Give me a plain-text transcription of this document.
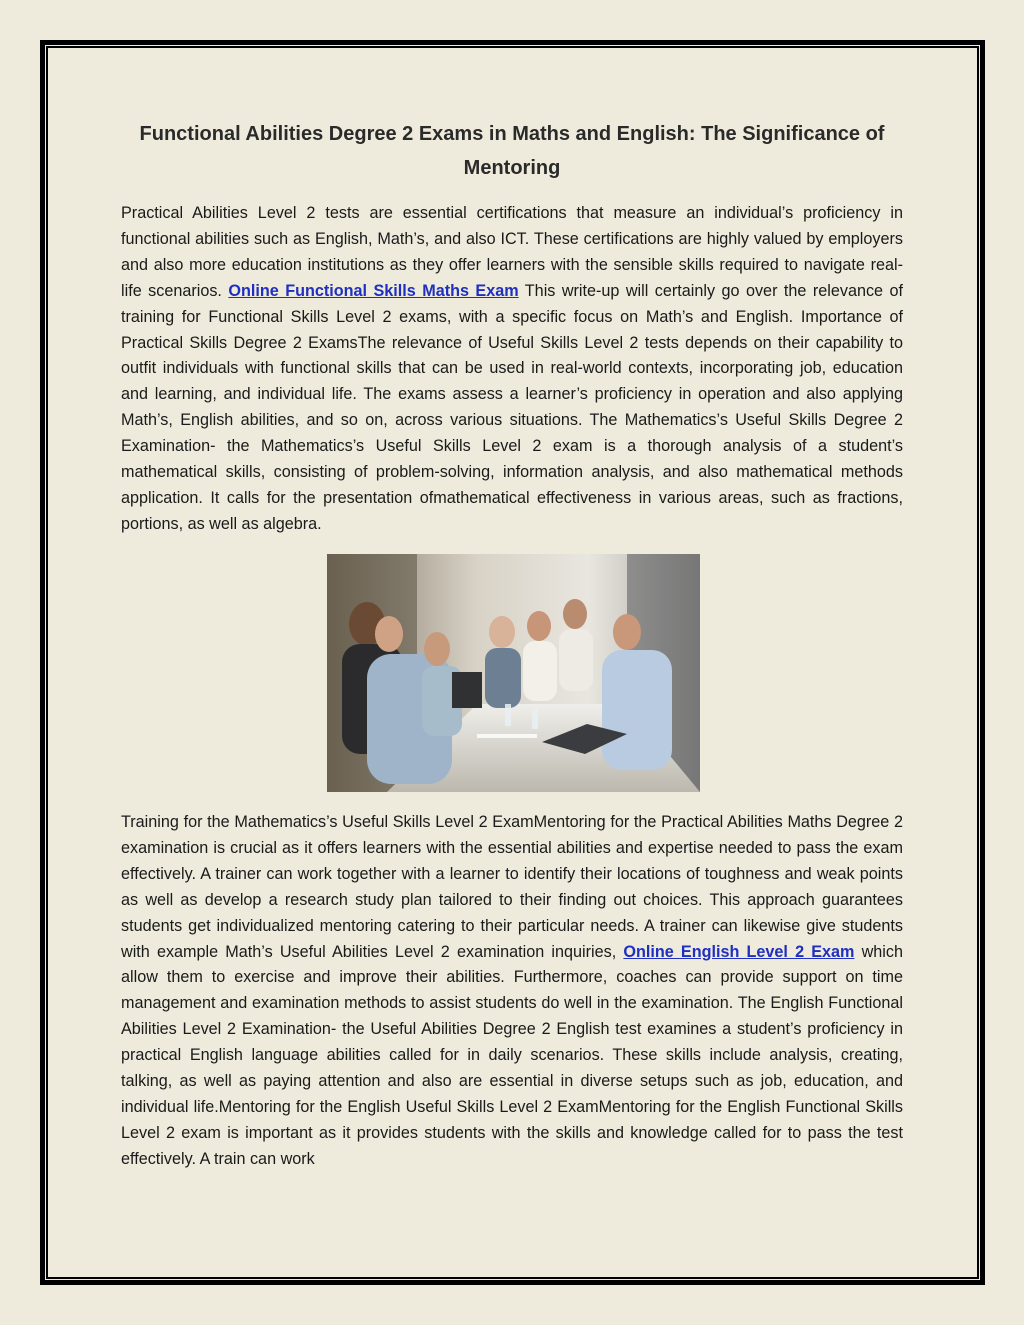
Functional Abilities Degree 2 Exams in Maths and English: The Significance of Mentoring

Practical Abilities Level 2 tests are essential certifications that measure an individual’s proficiency in functional abilities such as English, Math’s, and also ICT. These certifications are highly valued by employers and also more education institutions as they offer learners with the sensible skills required to navigate real-life scenarios. Online Functional Skills Maths Exam This write-up will certainly go over the relevance of training for Functional Skills Level 2 exams, with a specific focus on Math’s and English. Importance of Practical Skills Degree 2 ExamsThe relevance of Useful Skills Level 2 tests depends on their capability to outfit individuals with functional skills that can be used in real-world contexts, incorporating job, education and learning, and individual life. The exams assess a learner’s proficiency in operation and also applying Math’s, English abilities, and so on, across various situations. The Mathematics’s Useful Skills Degree 2 Examination- the Mathematics’s Useful Skills Level 2 exam is a thorough analysis of a student’s mathematical skills, consisting of problem-solving, information analysis, and also mathematical methods application. It calls for the presentation ofmathematical effectiveness in various areas, such as fractions, portions, as well as algebra.

Training for the Mathematics’s Useful Skills Level 2 ExamMentoring for the Practical Abilities Maths Degree 2 examination is crucial as it offers learners with the essential abilities and expertise needed to pass the exam effectively. A trainer can work together with a learner to identify their locations of toughness and weak points as well as develop a research study plan tailored to their finding out choices. This approach guarantees students get individualized mentoring catering to their particular needs. A trainer can likewise give students with example Math’s Useful Abilities Level 2 examination inquiries, Online English Level 2 Exam which allow them to exercise and improve their abilities. Furthermore, coaches can provide support on time management and examination methods to assist students do well in the examination. The English Functional Abilities Level 2 Examination- the Useful Abilities Degree 2 English test examines a student’s proficiency in practical English language abilities called for in daily scenarios. These skills include analysis, creating, talking, as well as paying attention and also are essential in diverse setups such as job, education, and individual life.Mentoring for the English Useful Skills Level 2 ExamMentoring for the English Functional Skills Level 2 exam is important as it provides students with the skills and knowledge called for to pass the test effectively. A train can work
